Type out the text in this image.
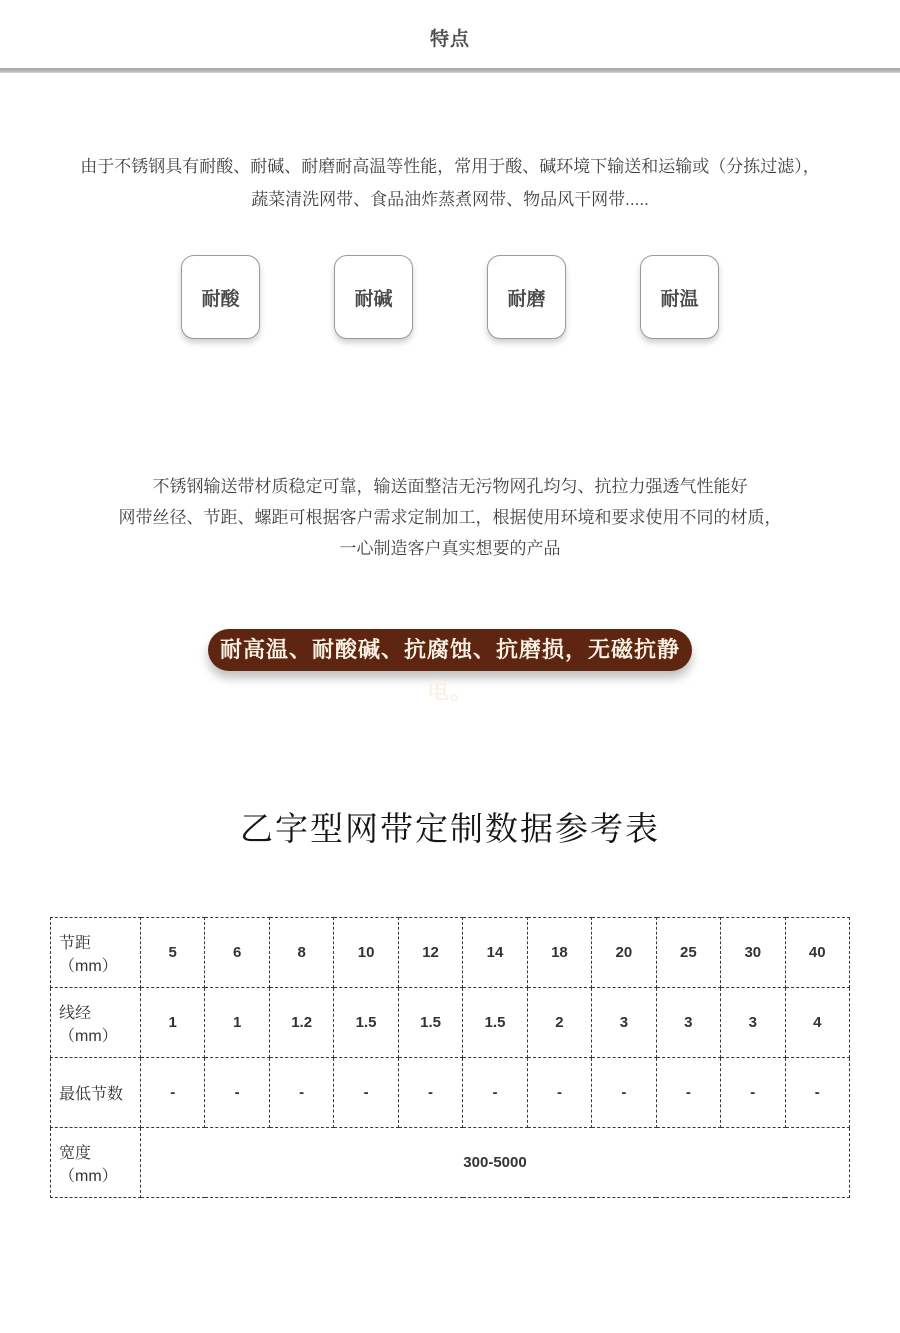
特点
由于不锈钢具有耐酸、耐碱、耐磨耐高温等性能，常用于酸、碱环境下输送和运输或（分拣过滤），
蔬菜清洗网带、食品油炸蒸煮网带、物品风干网带.....
耐酸	耐碱	耐磨	耐温
不锈钢输送带材质稳定可靠，输送面整洁无污物网孔均匀、抗拉力强透气性能好
网带丝径、节距、螺距可根据客户需求定制加工，根据使用环境和要求使用不同的材质，
一心制造客户真实想要的产品
耐高温、耐酸碱、抗腐蚀、抗磨损，无磁抗静电。
乙字型网带定制数据参考表
节距（mm）	5	6	8	10	12	14	18	20	25	30	40
线经（mm）	1	1	1.2	1.5	1.5	1.5	2	3	3	3	4
最低节数	-	-	-	-	-	-	-	-	-	-	-
宽度（mm）	300-5000										
